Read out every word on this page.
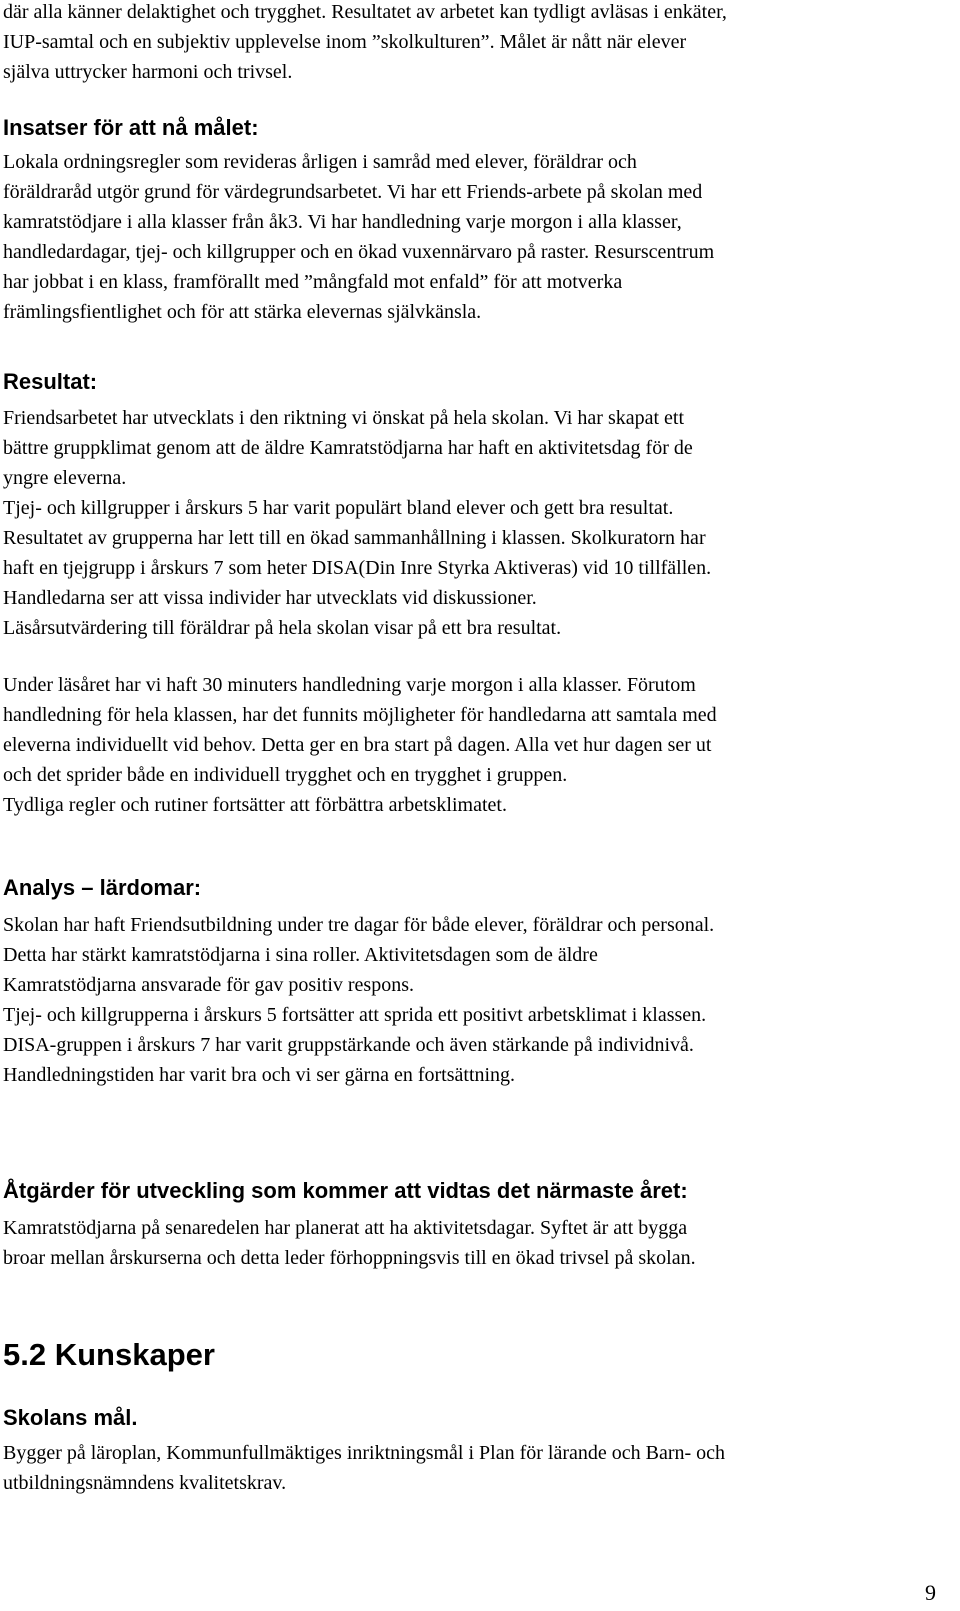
där alla känner delaktighet och trygghet. Resultatet av arbetet kan tydligt avläsas i enkäter,
IUP-samtal och en subjektiv upplevelse inom ”skolkulturen”. Målet är nått när elever
själva uttrycker harmoni och trivsel.

Insatser för att nå målet:

Lokala ordningsregler som revideras årligen i samråd med elever, föräldrar och
föräldraråd utgör grund för värdegrundsarbetet. Vi har ett Friends-arbete på skolan med
kamratstödjare i alla klasser från åk3. Vi har handledning varje morgon i alla klasser,
handledardagar, tjej- och killgrupper och en ökad vuxennärvaro på raster. Resurscentrum
har jobbat i en klass, framförallt med ”mångfald mot enfald” för att motverka
främlingsfientlighet och för att stärka elevernas självkänsla.

Resultat:

Friendsarbetet har utvecklats i den riktning vi önskat på hela skolan. Vi har skapat ett
bättre gruppklimat genom att de äldre Kamratstödjarna har haft en aktivitetsdag för de
yngre eleverna.
Tjej- och killgrupper i årskurs 5 har varit populärt bland elever och gett bra resultat.
Resultatet av grupperna har lett till en ökad sammanhållning i klassen. Skolkuratorn har
haft en tjejgrupp i årskurs 7 som heter DISA(Din Inre Styrka Aktiveras) vid 10 tillfällen.
Handledarna ser att vissa individer har utvecklats vid diskussioner.
Läsårsutvärdering till föräldrar på hela skolan visar på ett bra resultat.

Under läsåret har vi haft 30 minuters handledning varje morgon i alla klasser. Förutom
handledning för hela klassen, har det funnits möjligheter för handledarna att samtala med
eleverna individuellt vid behov. Detta ger en bra start på dagen. Alla vet hur dagen ser ut
och det sprider både en individuell trygghet och en trygghet i gruppen.
Tydliga regler och rutiner fortsätter att förbättra arbetsklimatet.

Analys – lärdomar:

Skolan har haft Friendsutbildning under tre dagar för både elever, föräldrar och personal.
Detta har stärkt kamratstödjarna i sina roller. Aktivitetsdagen som de äldre
Kamratstödjarna ansvarade för gav positiv respons.
Tjej- och killgrupperna i årskurs 5 fortsätter att sprida ett positivt arbetsklimat i klassen.
DISA-gruppen i årskurs 7 har varit gruppstärkande och även stärkande på individnivå.
Handledningstiden har varit bra och vi ser gärna en fortsättning.

Åtgärder för utveckling som kommer att vidtas det närmaste året:

Kamratstödjarna på senaredelen har planerat att ha aktivitetsdagar. Syftet är att bygga
broar mellan årskurserna och detta leder förhoppningsvis till en ökad trivsel på skolan.

5.2 Kunskaper
Skolans mål.

Bygger på läroplan, Kommunfullmäktiges inriktningsmål i Plan för lärande och Barn- och
utbildningsnämndens kvalitetskrav.

9
